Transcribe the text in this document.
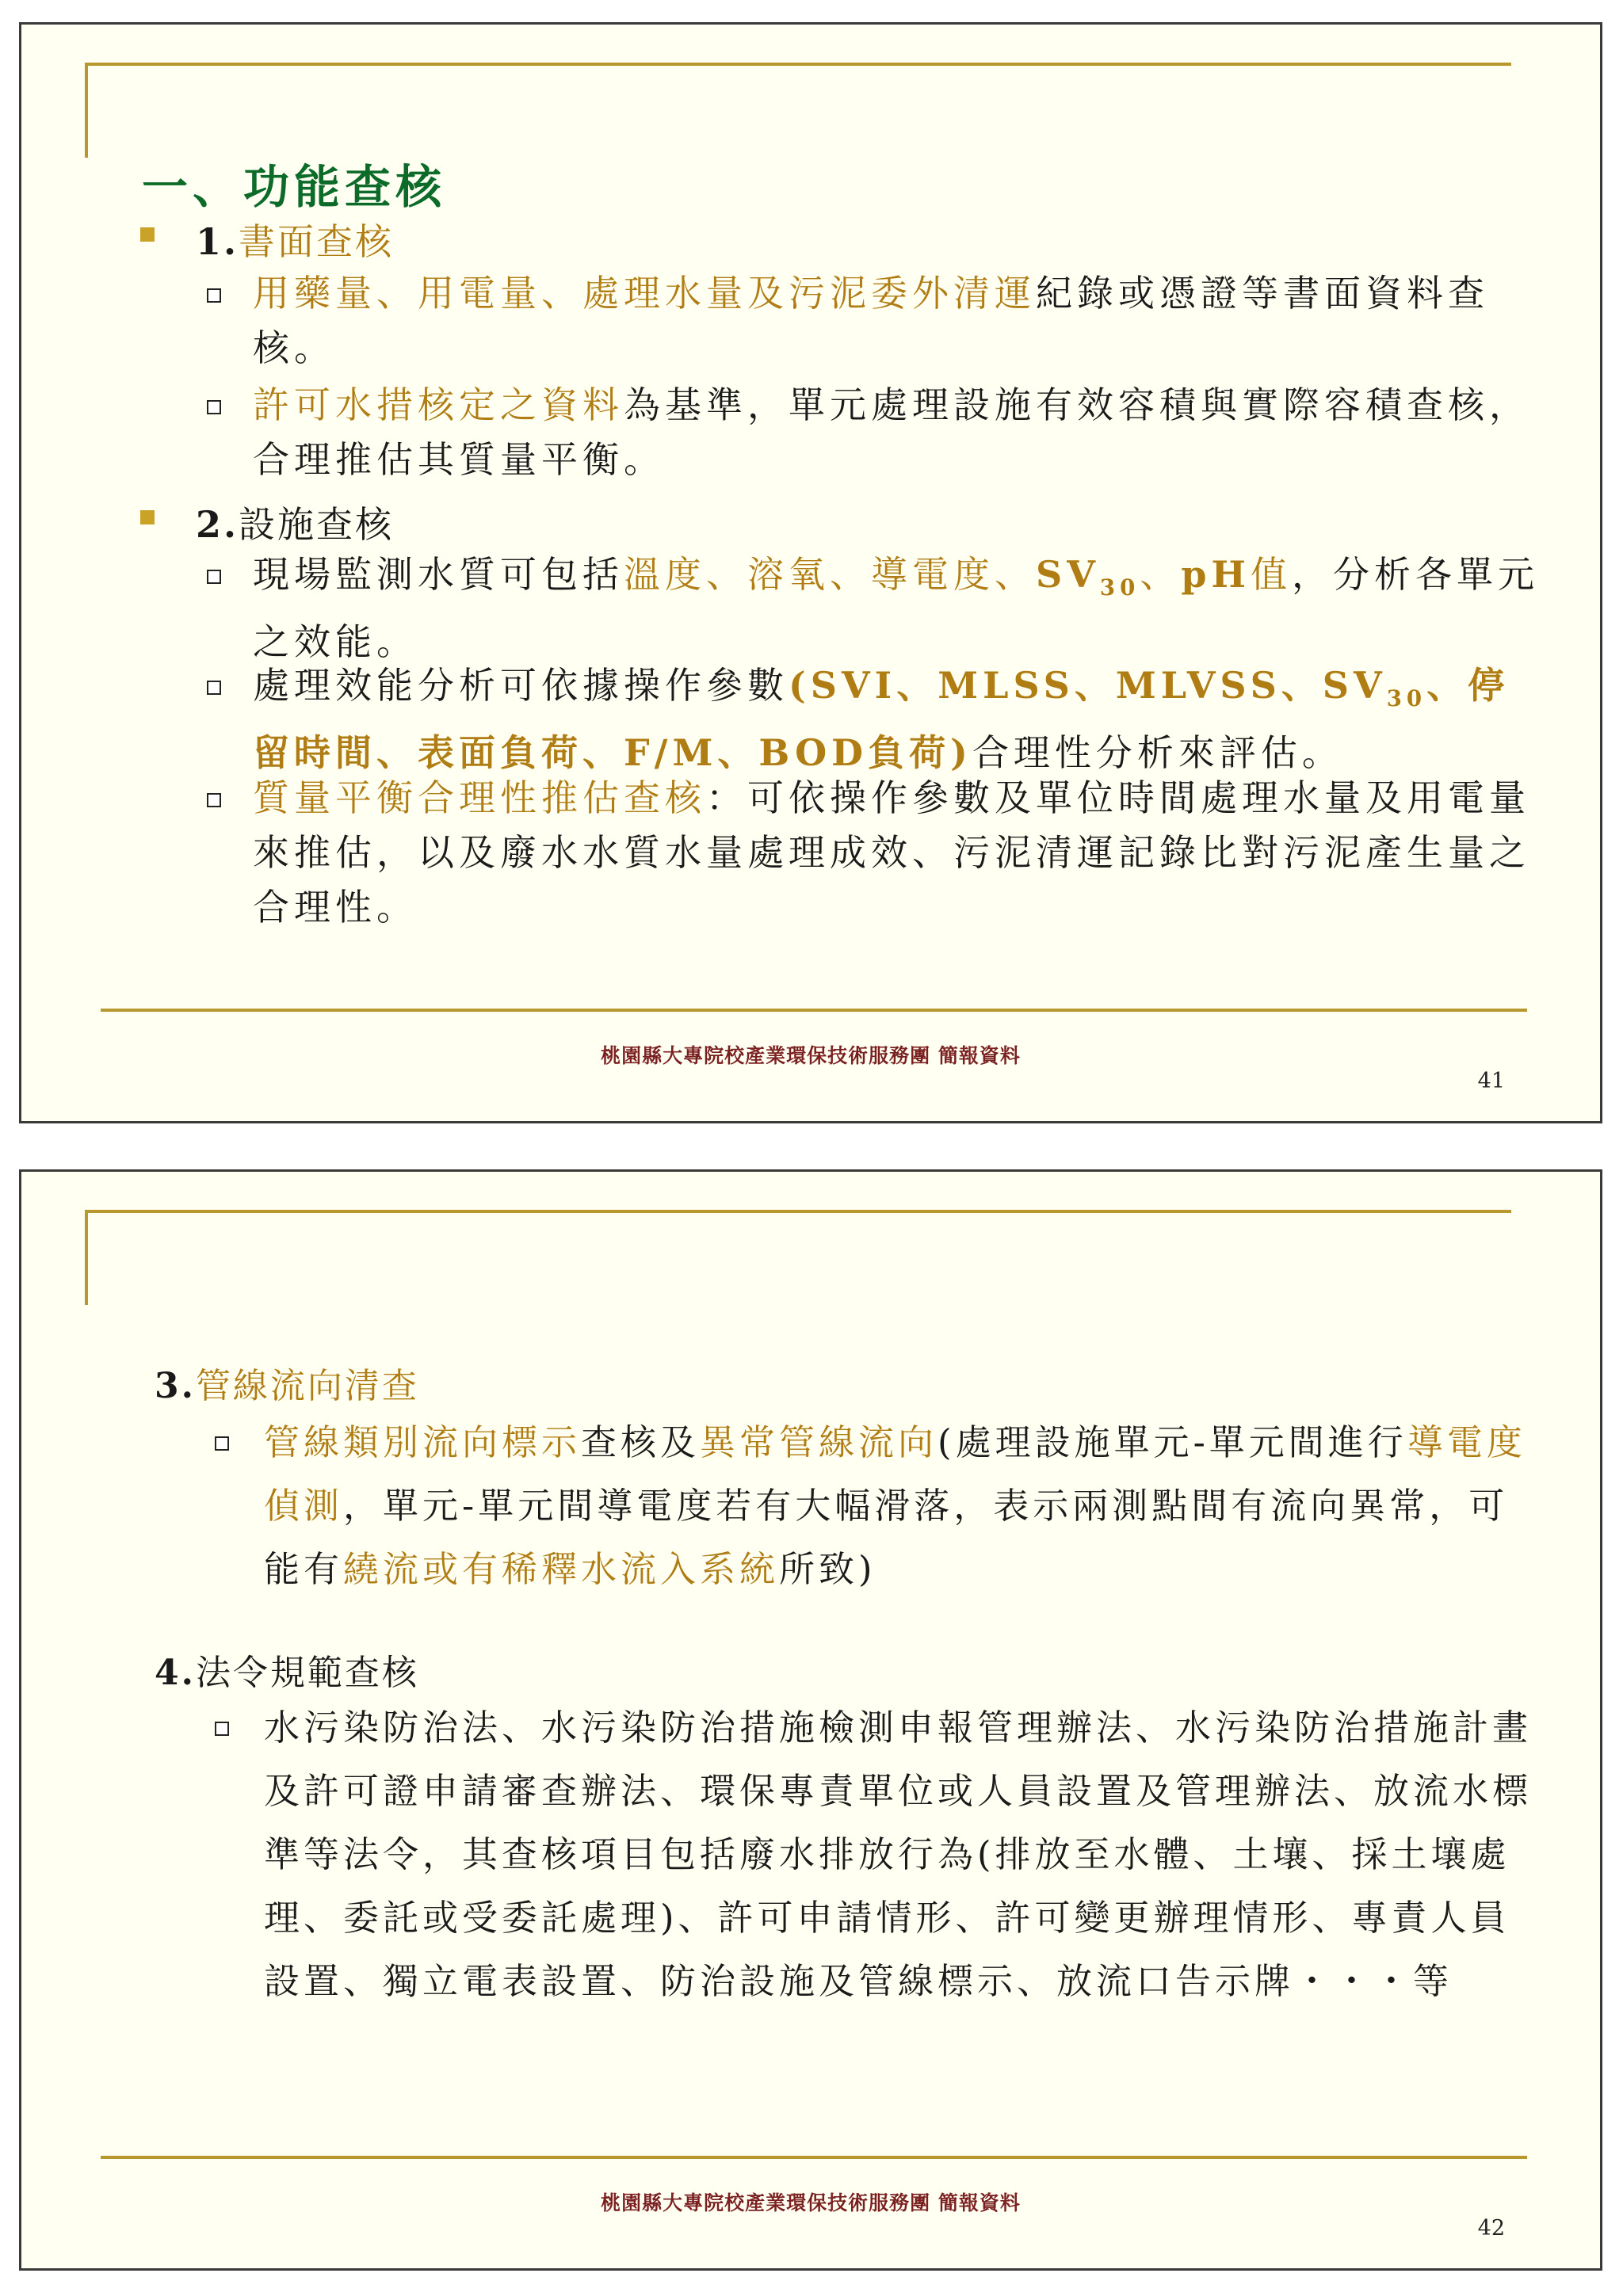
一、功能查核
1.書面查核
用藥量、用電量、處理水量及污泥委外清運紀錄或憑證等書面資料查核。
許可水措核定之資料為基準，單元處理設施有效容積與實際容積查核，合理推估其質量平衡。
2.設施查核
現場監測水質可包括溫度、溶氧、導電度、$SV_{30}$、pH值，分析各單元之效能。
處理效能分析可依據操作參數(SVI、MLSS、MLVSS、$SV_{30}$、停留時間、表面負荷、F/M、BOD負荷)合理性分析來評估。
質量平衡合理性推估查核：可依操作參數及單位時間處理水量及用電量來推估，以及廢水水質水量處理成效、污泥清運記錄比對污泥產生量之合理性。
桃園縣大專院校產業環保技術服務團 簡報資料
41
3.管線流向清查
管線類別流向標示查核及異常管線流向(處理設施單元-單元間進行導電度偵測，單元-單元間導電度若有大幅滑落，表示兩測點間有流向異常，可能有繞流或有稀釋水流入系統所致)
4.法令規範查核
水污染防治法、水污染防治措施檢測申報管理辦法、水污染防治措施計畫及許可證申請審查辦法、環保專責單位或人員設置及管理辦法、放流水標準等法令，其查核項目包括廢水排放行為(排放至水體、土壤、採土壤處理、委託或受委託處理)、許可申請情形、許可變更辦理情形、專責人員設置、獨立電表設置、防治設施及管線標示、放流口告示牌・・・等
桃園縣大專院校產業環保技術服務團 簡報資料
42
